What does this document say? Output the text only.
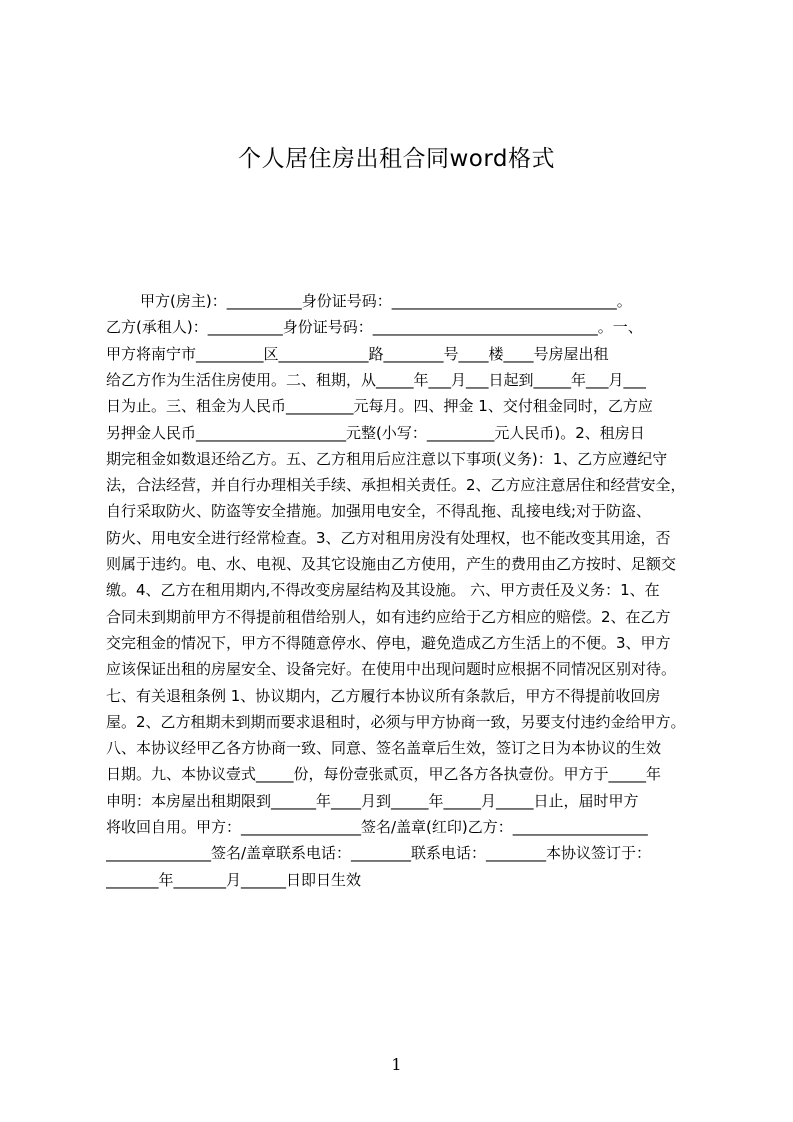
个人居住房出租合同word格式
甲方(房主)：__________身份证号码：______________________________。
乙方(承租人)：__________身份证号码：______________________________。一、
甲方将南宁市_________区____________路________号____楼____号房屋出租
给乙方作为生活住房使用。二、租期，从_____年___月___日起到_____年___月___
日为止。三、租金为人民币_________元每月。四、押金 1、交付租金同时，乙方应
另押金人民币____________________元整(小写：_________元人民币)。2、租房日
期完租金如数退还给乙方。五、乙方租用后应注意以下事项(义务)：1、乙方应遵纪守
法，合法经营，并自行办理相关手续、承担相关责任。2、乙方应注意居住和经营安全，
自行采取防火、防盗等安全措施。加强用电安全，不得乱拖、乱接电线;对于防盗、
防火、用电安全进行经常检查。3、乙方对租用房没有处理权，也不能改变其用途，否
则属于违约。电、水、电视、及其它设施由乙方使用，产生的费用由乙方按时、足额交
缴。4、乙方在租用期内,不得改变房屋结构及其设施。 六、甲方责任及义务：1、在
合同未到期前甲方不得提前租借给别人，如有违约应给于乙方相应的赔偿。2、在乙方
交完租金的情况下，甲方不得随意停水、停电，避免造成乙方生活上的不便。3、甲方
应该保证出租的房屋安全、设备完好。在使用中出现问题时应根据不同情况区别对待。
七、有关退租条例 1、协议期内，乙方履行本协议所有条款后，甲方不得提前收回房
屋。2、乙方租期未到期而要求退租时，必须与甲方协商一致，另要支付违约金给甲方。
八、本协议经甲乙各方协商一致、同意、签名盖章后生效，签订之日为本协议的生效
日期。九、本协议壹式_____份，每份壹张贰页，甲乙各方各执壹份。甲方于_____年
申明：本房屋出租期限到______年____月到_____年_____月_____日止，届时甲方
将收回自用。甲方：________________签名/盖章(红印)乙方：__________________
______________签名/盖章联系电话：________联系电话：________本协议签订于：
_______年_______月______日即日生效
1
